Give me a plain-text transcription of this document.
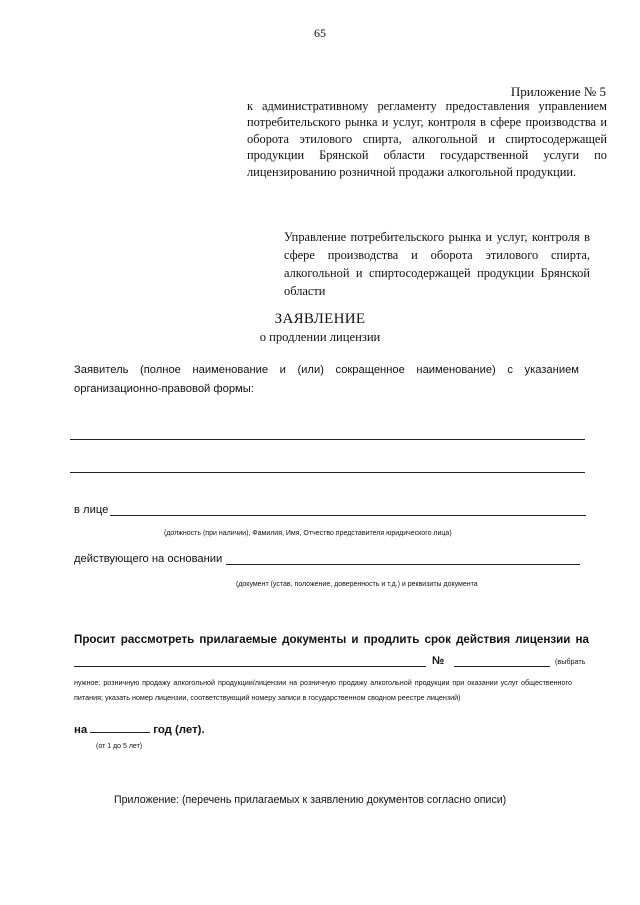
65
Приложение № 5
к административному регламенту предоставления управлением потребительского рынка и услуг, контроля в сфере производства и оборота этилового спирта, алкогольной и спиртосодержащей продукции Брянской области государственной услуги по лицензированию розничной продажи алкогольной продукции.
Управление потребительского рынка и услуг, контроля в сфере производства и оборота этилового спирта, алкогольной и спиртосодержащей продукции Брянской области
ЗАЯВЛЕНИЕ
о продлении лицензии
Заявитель (полное наименование и (или) сокращенное наименование) с указанием организационно-правовой формы:
в лице
(должность (при наличии), Фамилия, Имя, Отчество представителя юридического лица)
действующего на основании
(документ (устав, положение, доверенность и т.д.) и реквизиты документа
Просит рассмотреть прилагаемые документы и продлить срок действия лицензии на
№	(выбрать
нужное: розничную продажу алкогольной продукции/лицензии на розничную продажу алкогольной продукции при оказании услуг общественного питания; указать номер лицензии, соответствующий номеру записи в государственном сводном реестре лицензий)
на	год (лет).
(от 1 до 5 лет)
Приложение: (перечень прилагаемых к заявлению документов согласно описи)
